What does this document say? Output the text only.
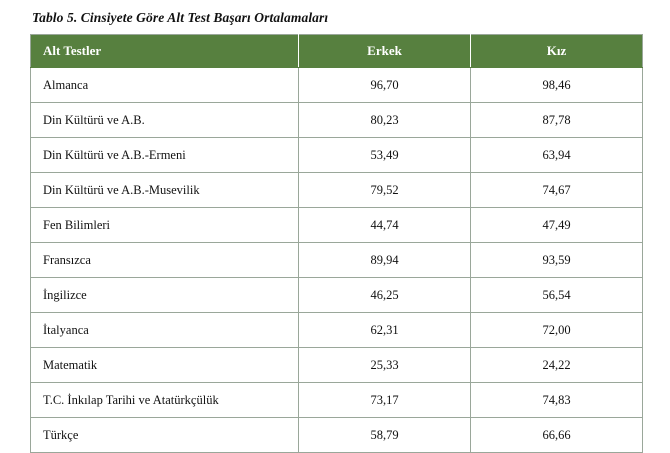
Tablo 5. Cinsiyete Göre Alt Test Başarı Ortalamaları
Alt Testler	Erkek	Kız
Almanca	96,70	98,46
Din Kültürü ve A.B.	80,23	87,78
Din Kültürü ve A.B.-Ermeni	53,49	63,94
Din Kültürü ve A.B.-Musevilik	79,52	74,67
Fen Bilimleri	44,74	47,49
Fransızca	89,94	93,59
İngilizce	46,25	56,54
İtalyanca	62,31	72,00
Matematik	25,33	24,22
T.C. İnkılap Tarihi ve Atatürkçülük	73,17	74,83
Türkçe	58,79	66,66
